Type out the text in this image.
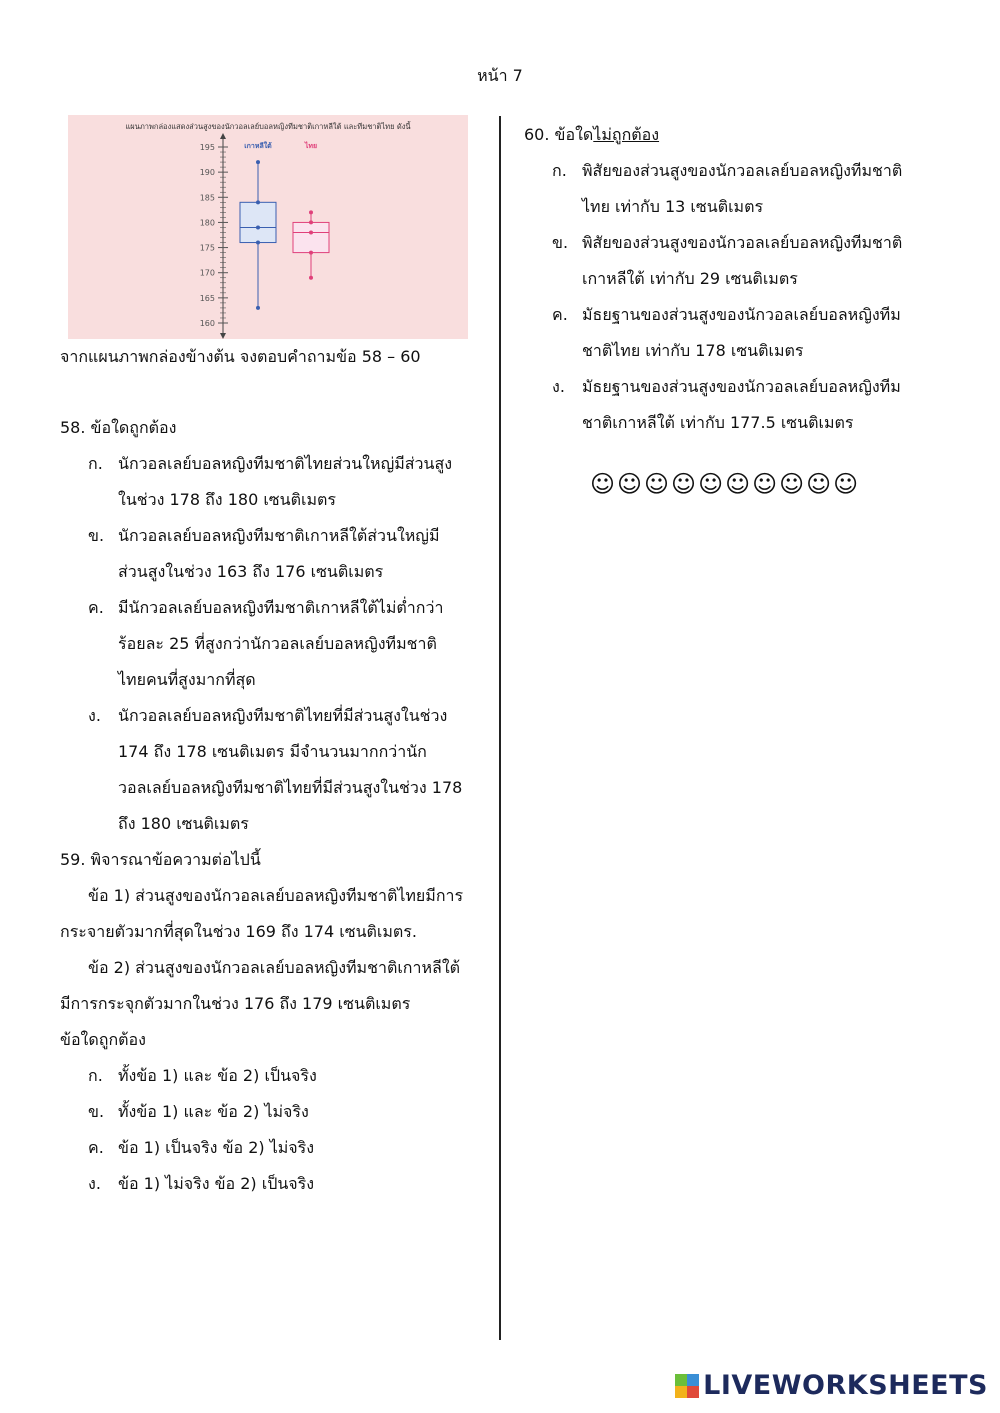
หน้า 7
แผนภาพกล่องแสดงส่วนสูงของนักวอลเลย์บอลหญิงทีมชาติเกาหลีใต้ และทีมชาติไทย ดังนี้
160
165
170
175
180
185
190
195	เกาหลีใต้	ไทย
จากแผนภาพกล่องข้างต้น จงตอบคำถามข้อ 58 – 60
58. ข้อใดถูกต้อง
ก. นักวอลเลย์บอลหญิงทีมชาติไทยส่วนใหญ่มีส่วนสูง
ในช่วง 178 ถึง 180 เซนติเมตร
ข. นักวอลเลย์บอลหญิงทีมชาติเกาหลีใต้ส่วนใหญ่มี
ส่วนสูงในช่วง 163 ถึง 176 เซนติเมตร
ค. มีนักวอลเลย์บอลหญิงทีมชาติเกาหลีใต้ไม่ต่ำกว่า
ร้อยละ 25 ที่สูงกว่านักวอลเลย์บอลหญิงทีมชาติ
ไทยคนที่สูงมากที่สุด
ง. นักวอลเลย์บอลหญิงทีมชาติไทยที่มีส่วนสูงในช่วง
174 ถึง 178 เซนติเมตร มีจำนวนมากกว่านัก
วอลเลย์บอลหญิงทีมชาติไทยที่มีส่วนสูงในช่วง 178
ถึง 180 เซนติเมตร
59. พิจารณาข้อความต่อไปนี้
ข้อ 1) ส่วนสูงของนักวอลเลย์บอลหญิงทีมชาติไทยมีการ
กระจายตัวมากที่สุดในช่วง 169 ถึง 174 เซนติเมตร.
ข้อ 2) ส่วนสูงของนักวอลเลย์บอลหญิงทีมชาติเกาหลีใต้
มีการกระจุกตัวมากในช่วง 176 ถึง 179 เซนติเมตร
ข้อใดถูกต้อง
ก. ทั้งข้อ 1) และ ข้อ 2) เป็นจริง
ข. ทั้งข้อ 1) และ ข้อ 2) ไม่จริง
ค. ข้อ 1) เป็นจริง ข้อ 2) ไม่จริง
ง. ข้อ 1) ไม่จริง ข้อ 2) เป็นจริง
60. ข้อใดไม่ถูกต้อง
ก. พิสัยของส่วนสูงของนักวอลเลย์บอลหญิงทีมชาติ
ไทย เท่ากับ 13 เซนติเมตร
ข. พิสัยของส่วนสูงของนักวอลเลย์บอลหญิงทีมชาติ
เกาหลีใต้ เท่ากับ 29 เซนติเมตร
ค. มัธยฐานของส่วนสูงของนักวอลเลย์บอลหญิงทีม
ชาติไทย เท่ากับ 178 เซนติเมตร
ง. มัธยฐานของส่วนสูงของนักวอลเลย์บอลหญิงทีม
ชาติเกาหลีใต้ เท่ากับ 177.5 เซนติเมตร
☺☺☺☺☺☺☺☺☺☺
LIVEWORKSHEETS
